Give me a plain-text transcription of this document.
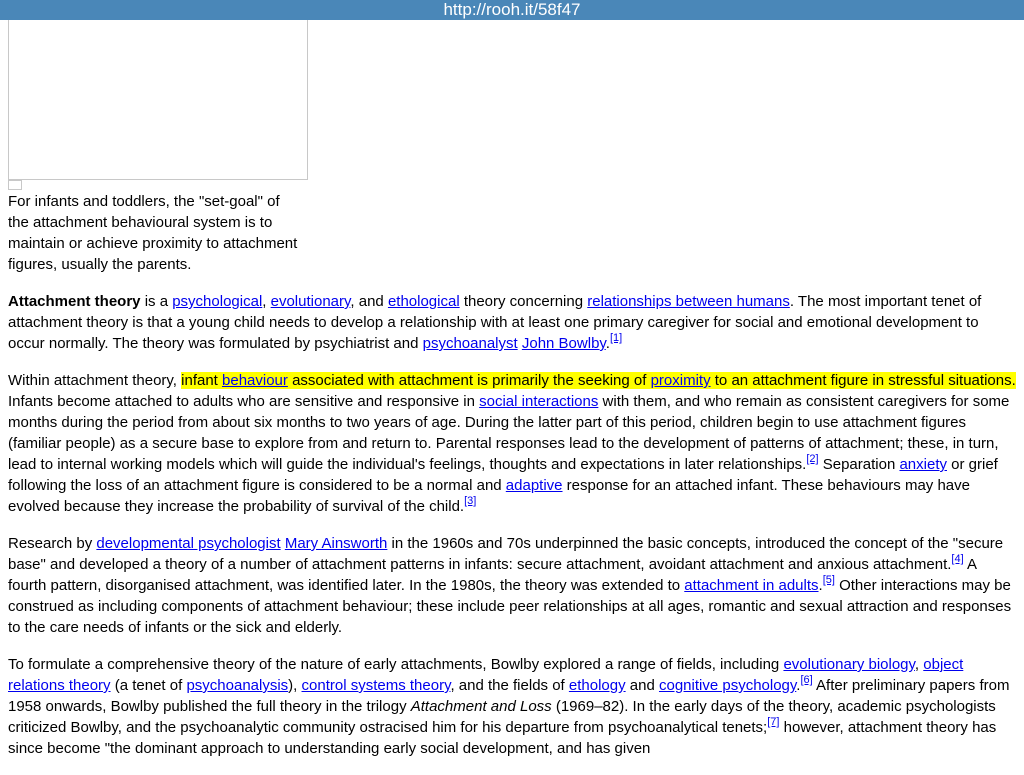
http://rooh.it/58f47
For infants and toddlers, the "set-goal" of the attachment behavioural system is to maintain or achieve proximity to attachment figures, usually the parents.

Attachment theory is a psychological, evolutionary, and ethological theory concerning relationships between humans. The most important tenet of attachment theory is that a young child needs to develop a relationship with at least one primary caregiver for social and emotional development to occur normally. The theory was formulated by psychiatrist and psychoanalyst John Bowlby.[1]

Within attachment theory, infant behaviour associated with attachment is primarily the seeking of proximity to an attachment figure in stressful situations. Infants become attached to adults who are sensitive and responsive in social interactions with them, and who remain as consistent caregivers for some months during the period from about six months to two years of age. During the latter part of this period, children begin to use attachment figures (familiar people) as a secure base to explore from and return to. Parental responses lead to the development of patterns of attachment; these, in turn, lead to internal working models which will guide the individual's feelings, thoughts and expectations in later relationships.[2] Separation anxiety or grief following the loss of an attachment figure is considered to be a normal and adaptive response for an attached infant. These behaviours may have evolved because they increase the probability of survival of the child.[3]

Research by developmental psychologist Mary Ainsworth in the 1960s and 70s underpinned the basic concepts, introduced the concept of the "secure base" and developed a theory of a number of attachment patterns in infants: secure attachment, avoidant attachment and anxious attachment.[4] A fourth pattern, disorganised attachment, was identified later. In the 1980s, the theory was extended to attachment in adults.[5] Other interactions may be construed as including components of attachment behaviour; these include peer relationships at all ages, romantic and sexual attraction and responses to the care needs of infants or the sick and elderly.

To formulate a comprehensive theory of the nature of early attachments, Bowlby explored a range of fields, including evolutionary biology, object relations theory (a tenet of psychoanalysis), control systems theory, and the fields of ethology and cognitive psychology.[6] After preliminary papers from 1958 onwards, Bowlby published the full theory in the trilogy Attachment and Loss (1969–82). In the early days of the theory, academic psychologists criticized Bowlby, and the psychoanalytic community ostracised him for his departure from psychoanalytical tenets;[7] however, attachment theory has since become "the dominant approach to understanding early social development, and has given
